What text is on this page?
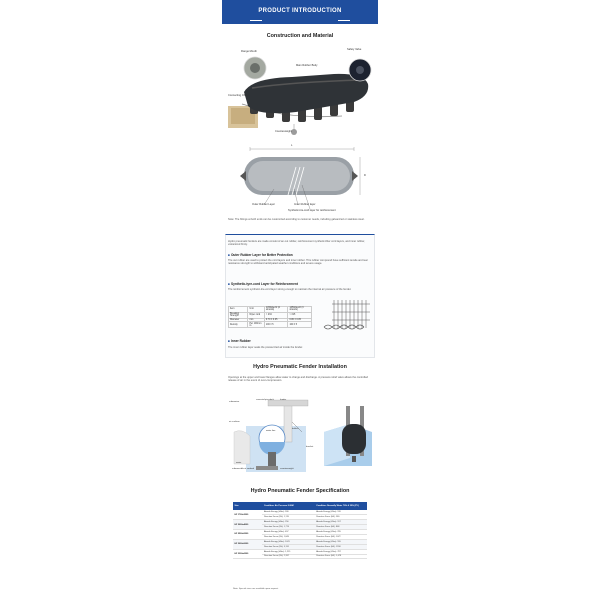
PRODUCT INTRODUCTION
Construction and Material
Flange Mouth
Safety Valve
Main Rubber Body
Connecting Chain
Counterweight
L
D
Outer Rubber Layer	Inner Rubber layer
Synthetic-tire-cord layer for reinforcement
Note: The fittings at both ends can be customized according to customer needs, including galvanized or stainless steel.
Hydro pneumatic fenders are made consist of an out rubber, reinforcement synthetic-fiber cord layers, and inner rubber, vulcanized firmly.
■Outer Rubber Layer for Better Protection
The out rubber are used to protect the cord layers and inner rubber. This rubber compound have sufficient tensile and tear resistance strength to withstand anticipated weather conditions and severe usage.
■Synthetic-tyre-cord Layer for Reinforcement
The reinforcement synthetic-tire-cord layer strong enough to maintain the internal air pressure of the fender.
Item	Unit	1450dtex/2 (2 strands)	1450dtex/2 (3 strands)
Breaking Strength	N/per cord	> 234	> 315
Diameter	mm	0.70 ± 0.05	0.80 ± 0.05
Density	Per 100mm in.	100 ± 5	100 ± 5
■Inner Rubber
The inner rubber layer seals the pressurized air inside the fender.
Hydro Pneumatic Fender Installation
Openings at the upper and lower flanges allow water to charge and discharge. A pressure relief valve allows the controlled release of air in the event of over-compression.
submarine
concrete/pier deck	fender
air cushion
water line
ballast
bracket
water
submersible at seabed	counterweight
Hydro Pneumatic Fender Specification
Size	Condition: Air Pressure 0.08M	Condition: Normally Water 70% & 35% (PV)
HF 1700x3500	Absorb Energy (kNm): 180	Absorb Energy (kNm): 120
	Reaction Force (kN): 1,170	Reaction Force (kN): 580
HF 2000x4000	Absorb Energy (kNm): 256	Absorb Energy (kNm): 197
	Reaction Force (kN): 1,774	Reaction Force (kN): 868
HF 2500x5500	Absorb Energy (kNm): 497	Absorb Energy (kNm): 295
	Reaction Force (kN): 1,849	Reaction Force (kN): 1072
HF 3000x5000	Absorb Energy (kNm): 1070	Absorb Energy (kNm): 555
	Reaction Force (kN): 3,131	Reaction Force (kN): 1558
HF 3300x6500	Absorb Energy (kNm): 1,215	Absorb Energy (kNm): 787
	Reaction Force (kN): 2,337	Reaction Force (kN): 1,678
Note: Special sizes are available upon request.
